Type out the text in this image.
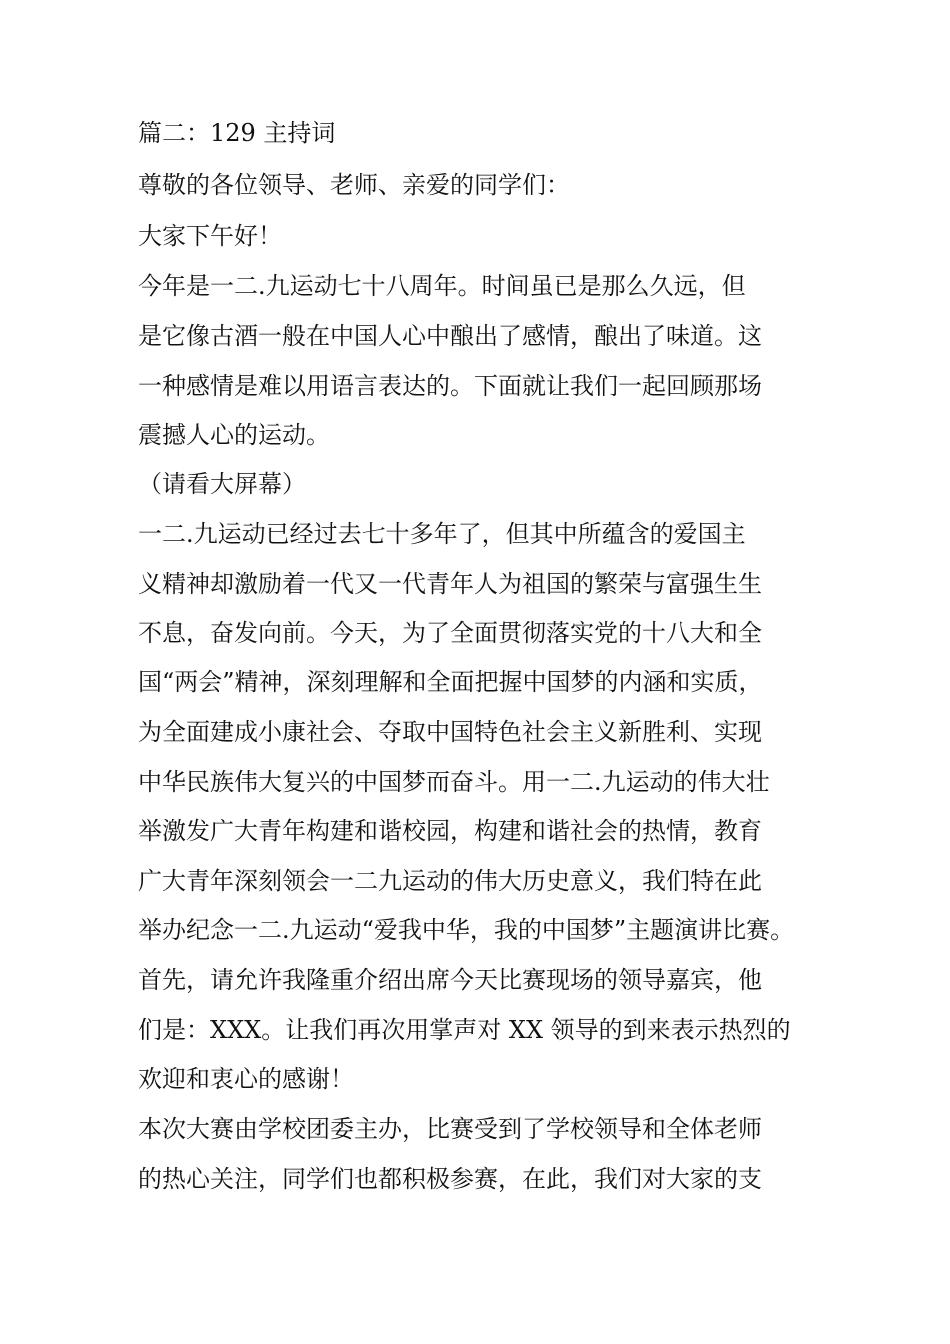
篇二：129 主持词
尊敬的各位领导、老师、亲爱的同学们：
大家下午好！
今年是一二.九运动七十八周年。时间虽已是那么久远，但
是它像古酒一般在中国人心中酿出了感情，酿出了味道。这
一种感情是难以用语言表达的。下面就让我们一起回顾那场
震撼人心的运动。
（请看大屏幕）
一二.九运动已经过去七十多年了，但其中所蕴含的爱国主
义精神却激励着一代又一代青年人为祖国的繁荣与富强生生
不息，奋发向前。今天，为了全面贯彻落实党的十八大和全
国“两会”精神，深刻理解和全面把握中国梦的内涵和实质，
为全面建成小康社会、夺取中国特色社会主义新胜利、实现
中华民族伟大复兴的中国梦而奋斗。用一二.九运动的伟大壮
举激发广大青年构建和谐校园，构建和谐社会的热情，教育
广大青年深刻领会一二九运动的伟大历史意义，我们特在此
举办纪念一二.九运动“爱我中华，我的中国梦”主题演讲比赛。
首先，请允许我隆重介绍出席今天比赛现场的领导嘉宾，他
们是：XXX。让我们再次用掌声对 XX 领导的到来表示热烈的
欢迎和衷心的感谢！
本次大赛由学校团委主办，比赛受到了学校领导和全体老师
的热心关注，同学们也都积极参赛，在此，我们对大家的支
